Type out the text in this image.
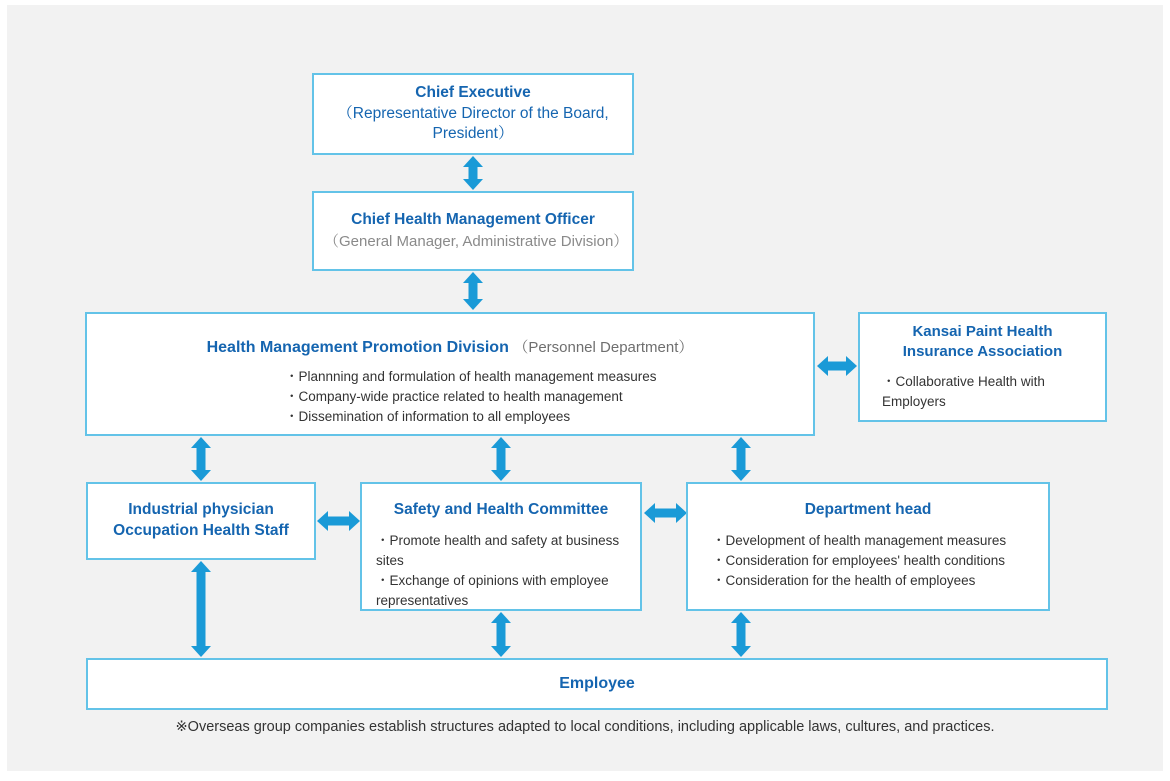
Chief Executive
（Representative Director of the Board, President）
Chief Health Management Officer
（General Manager, Administrative Division）
Health Management Promotion Division （Personnel Department）
・Plannning and formulation of health management measures
・Company-wide practice related to health management
・Dissemination of information to all employees
Kansai Paint Health
Insurance Association
・Collaborative Health with Employers
Industrial physician
Occupation Health Staff
Safety and Health Committee
・Promote health and safety at business sites
・Exchange of opinions with employee representatives
Department head
・Development of health management measures
・Consideration for employees' health conditions
・Consideration for the health of employees
Employee
※Overseas group companies establish structures adapted to local conditions, including applicable laws, cultures, and practices.
